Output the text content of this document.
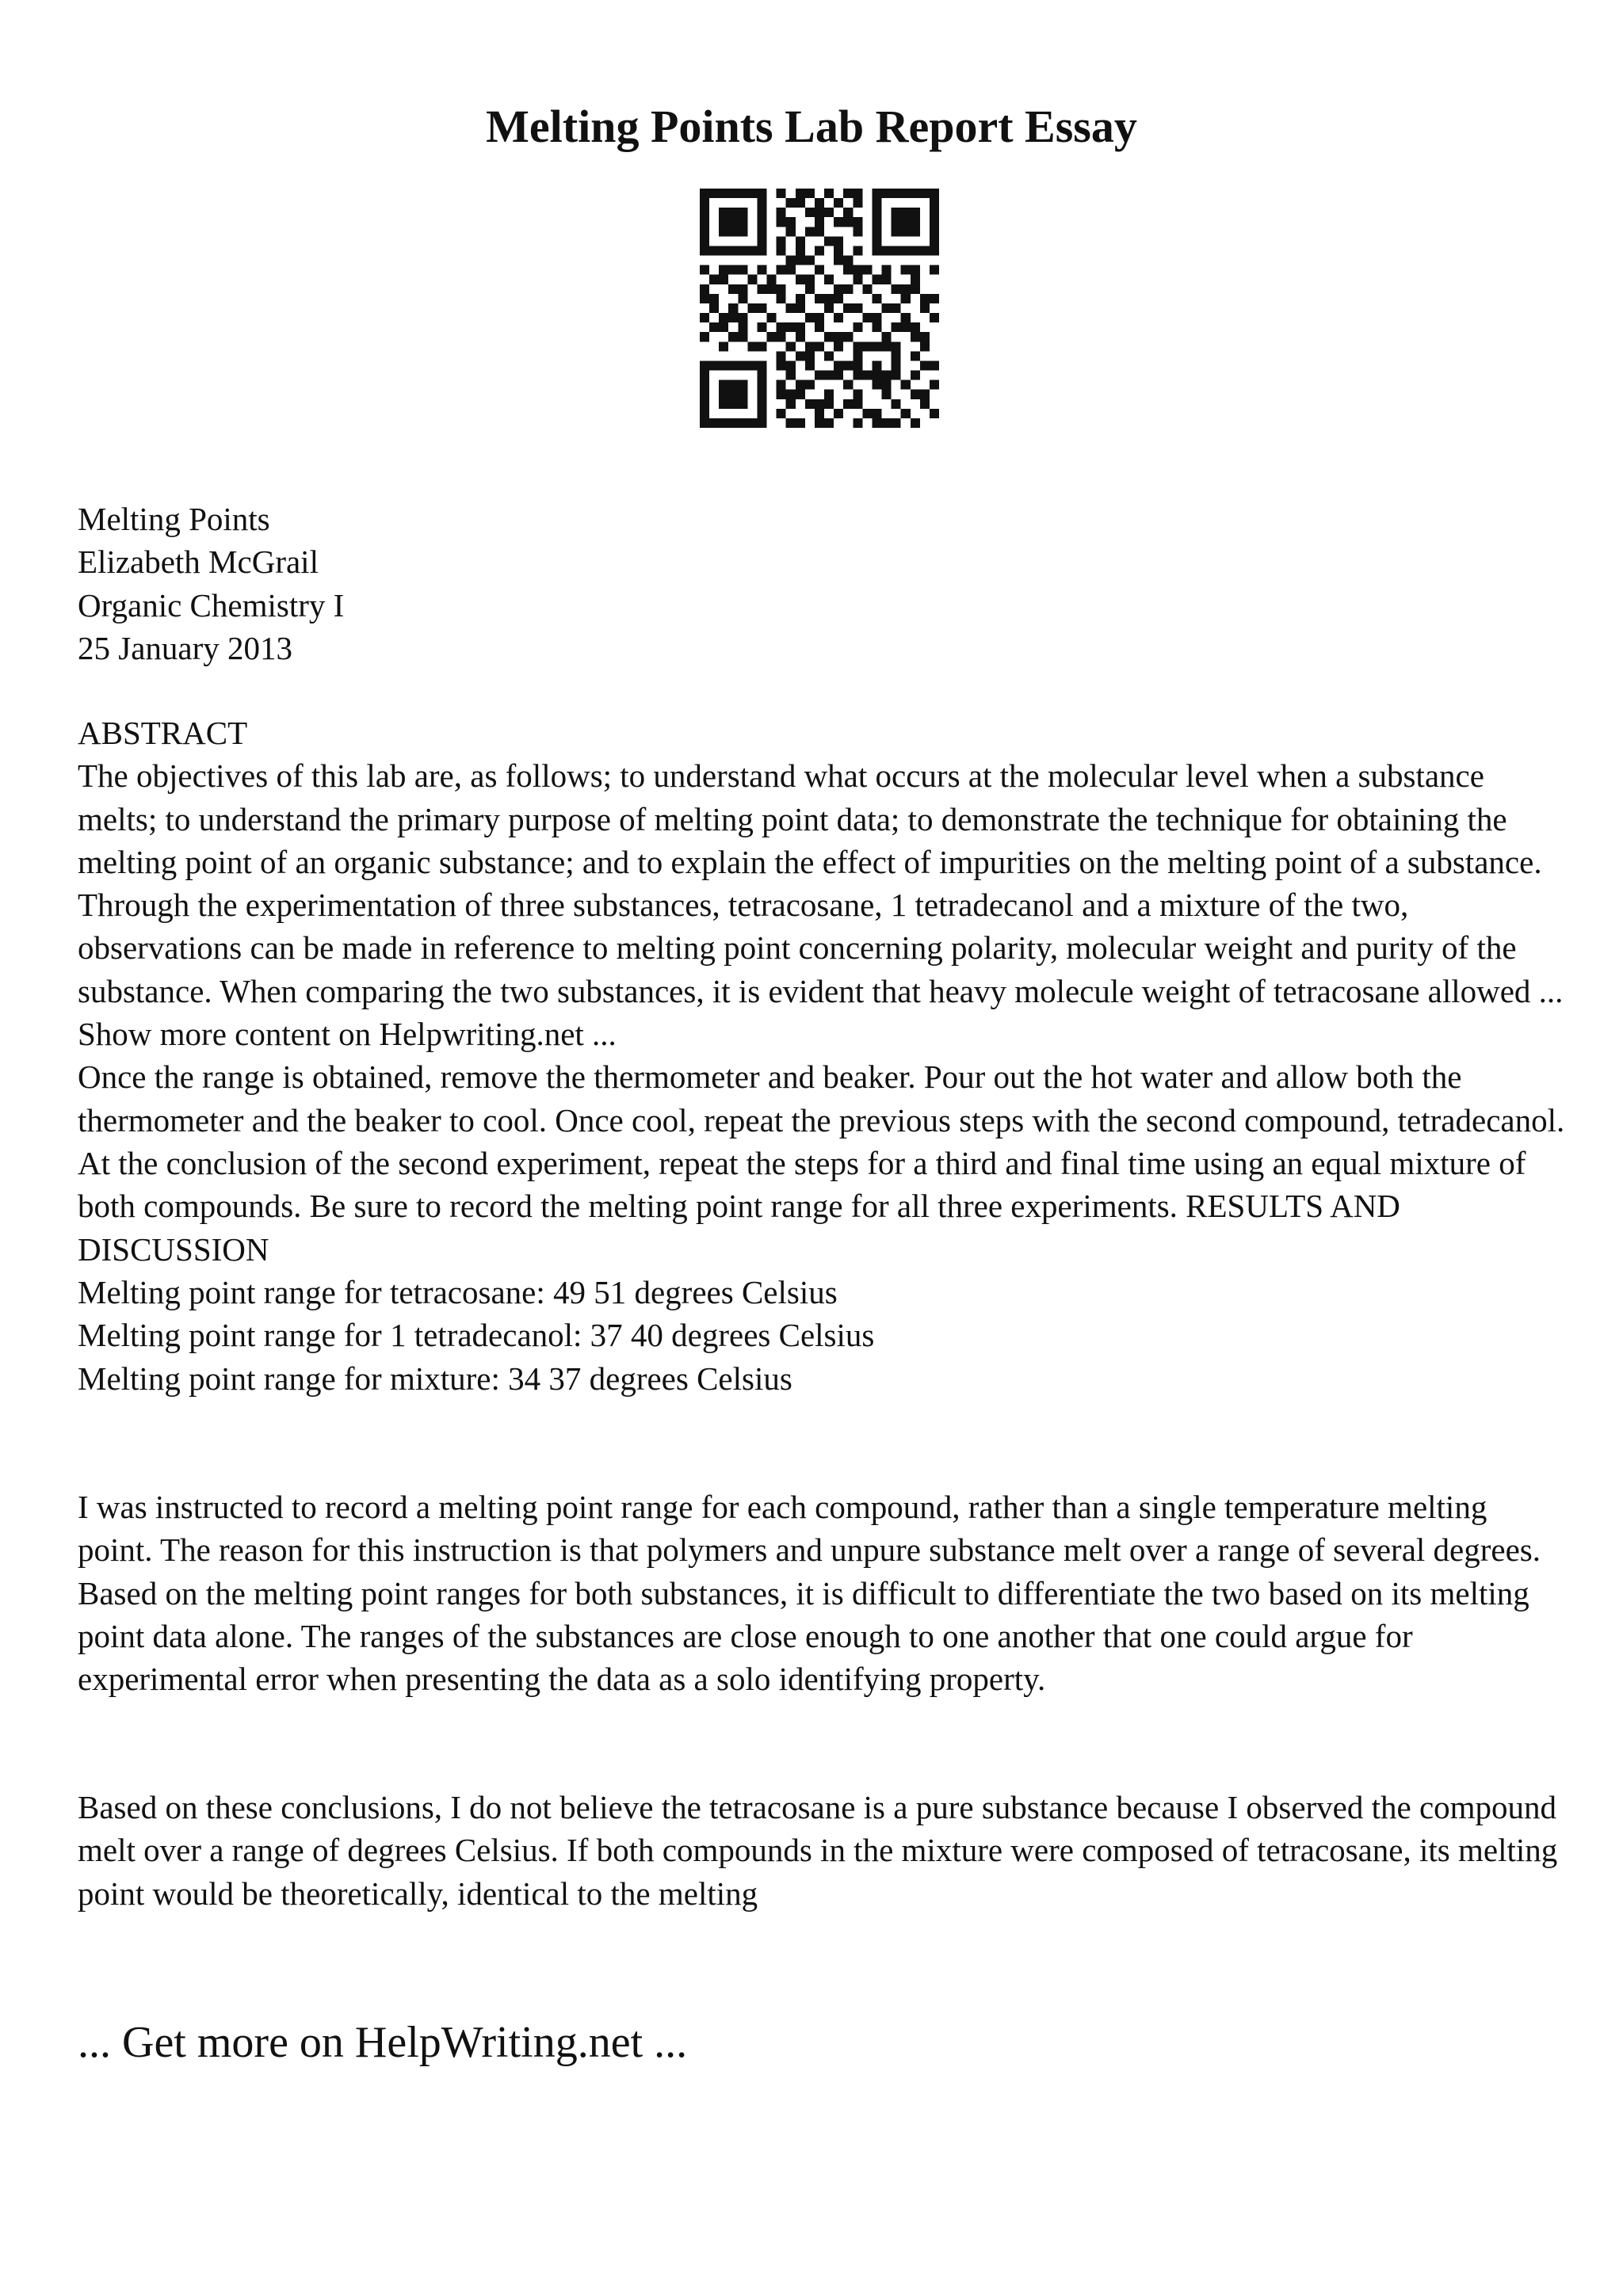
Melting Points Lab Report Essay
Melting Points
Elizabeth McGrail
Organic Chemistry I
25 January 2013
ABSTRACT

The objectives of this lab are, as follows; to understand what occurs at the molecular level when a substance melts; to understand the primary purpose of melting point data; to demonstrate the technique for obtaining the melting point of an organic substance; and to explain the effect of impurities on the melting point of a substance. Through the experimentation of three substances, tetracosane, 1 tetradecanol and a mixture of the two, observations can be made in reference to melting point concerning polarity, molecular weight and purity of the substance. When comparing the two substances, it is evident that heavy molecule weight of tetracosane allowed ... Show more content on Helpwriting.net ...

Once the range is obtained, remove the thermometer and beaker. Pour out the hot water and allow both the thermometer and the beaker to cool. Once cool, repeat the previous steps with the second compound, tetradecanol. At the conclusion of the second experiment, repeat the steps for a third and final time using an equal mixture of both compounds. Be sure to record the melting point range for all three experiments. RESULTS AND DISCUSSION

Melting point range for tetracosane: 49 51 degrees Celsius
Melting point range for 1 tetradecanol: 37 40 degrees Celsius
Melting point range for mixture: 34 37 degrees Celsius

I was instructed to record a melting point range for each compound, rather than a single temperature melting point. The reason for this instruction is that polymers and unpure substance melt over a range of several degrees. Based on the melting point ranges for both substances, it is difficult to differentiate the two based on its melting point data alone. The ranges of the substances are close enough to one another that one could argue for experimental error when presenting the data as a solo identifying property.

Based on these conclusions, I do not believe the tetracosane is a pure substance because I observed the compound melt over a range of degrees Celsius. If both compounds in the mixture were composed of tetracosane, its melting point would be theoretically, identical to the melting

... Get more on HelpWriting.net ...
